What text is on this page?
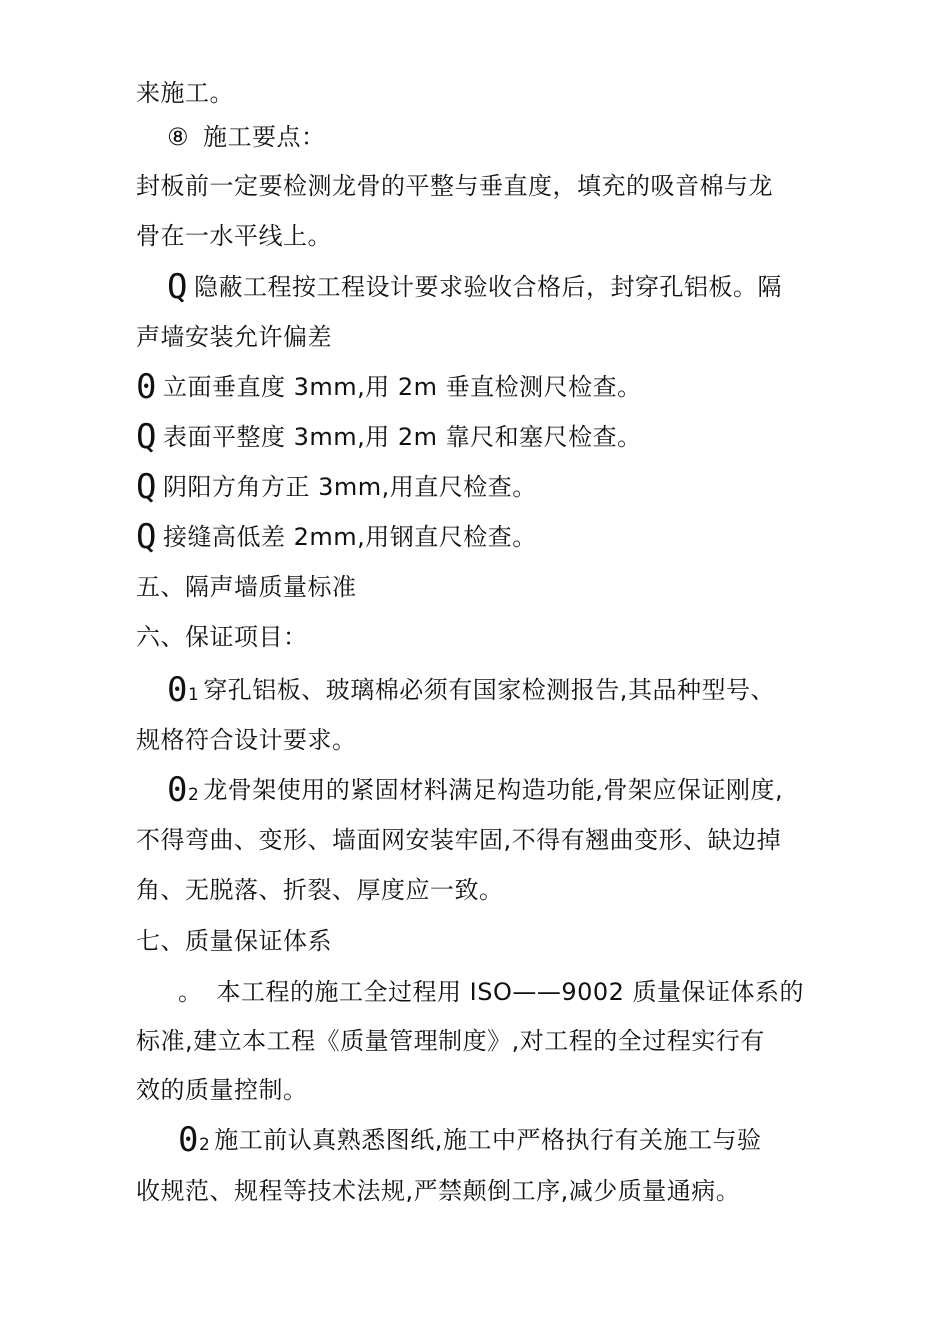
来施工。
⑧ 施工要点：
封板前一定要检测龙骨的平整与垂直度，填充的吸音棉与龙
骨在一水平线上。
Q 隐蔽工程按工程设计要求验收合格后，封穿孔铝板。隔
声墙安装允许偏差
0 立面垂直度 3mm,用 2m 垂直检测尺检查。
Q 表面平整度 3mm,用 2m 靠尺和塞尺检查。
Q 阴阳方角方正 3mm,用直尺检查。
Q 接缝高低差 2mm,用钢直尺检查。
五、隔声墙质量标准
六、保证项目：
01 穿孔铝板、玻璃棉必须有国家检测报告,其品种型号、
规格符合设计要求。
02 龙骨架使用的紧固材料满足构造功能,骨架应保证刚度,
不得弯曲、变形、墙面网安装牢固,不得有翘曲变形、缺边掉
角、无脱落、折裂、厚度应一致。
七、质量保证体系
。 本工程的施工全过程用 ISO——9002 质量保证体系的
标准,建立本工程《质量管理制度》,对工程的全过程实行有
效的质量控制。
02 施工前认真熟悉图纸,施工中严格执行有关施工与验
收规范、规程等技术法规,严禁颠倒工序,减少质量通病。
